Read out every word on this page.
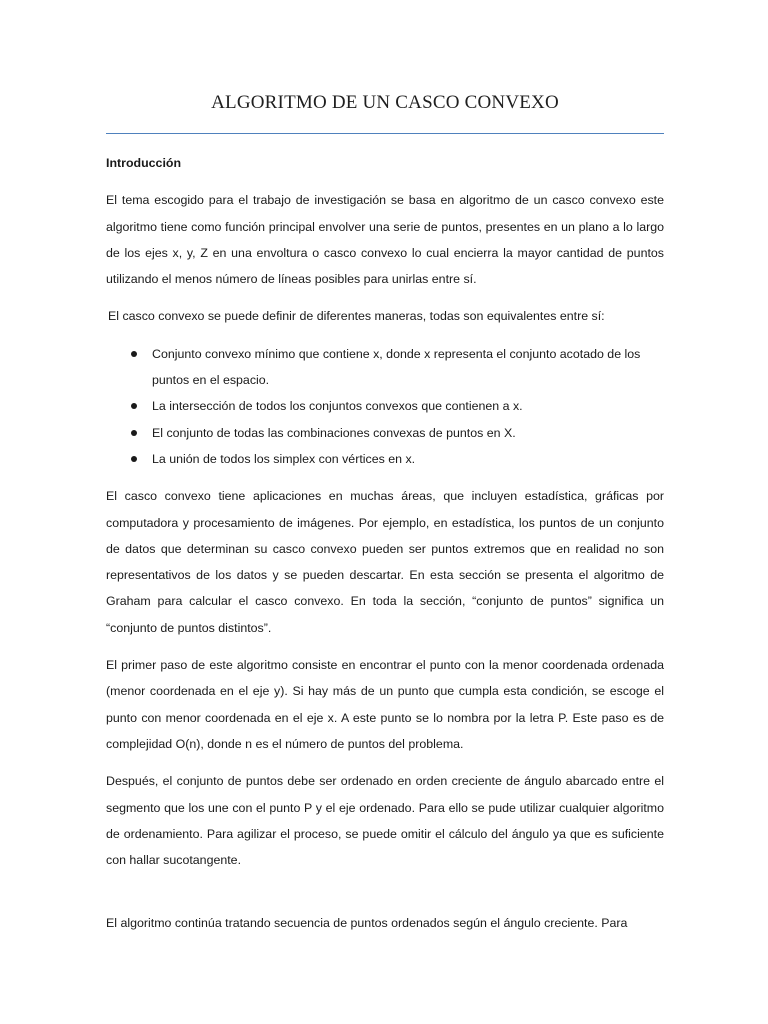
ALGORITMO DE UN CASCO CONVEXO

Introducción

El tema escogido para el trabajo de investigación se basa en algoritmo de un casco convexo este algoritmo tiene como función principal envolver una serie de puntos, presentes en un plano a lo largo de los ejes x, y, Z en una envoltura o casco convexo lo cual encierra la mayor cantidad de puntos utilizando el menos número de líneas posibles para unirlas entre sí.

El casco convexo se puede definir de diferentes maneras, todas son equivalentes entre sí:

Conjunto convexo mínimo que contiene x, donde x representa el conjunto acotado de los puntos en el espacio.
La intersección de todos los conjuntos convexos que contienen a x.
El conjunto de todas las combinaciones convexas de puntos en X.
La unión de todos los simplex con vértices en x.

El casco convexo tiene aplicaciones en muchas áreas, que incluyen estadística, gráficas por computadora y procesamiento de imágenes. Por ejemplo, en estadística, los puntos de un conjunto de datos que determinan su casco convexo pueden ser puntos extremos que en realidad no son representativos de los datos y se pueden descartar. En esta sección se presenta el algoritmo de Graham para calcular el casco convexo. En toda la sección, “conjunto de puntos” significa un “conjunto de puntos distintos”.

El primer paso de este algoritmo consiste en encontrar el punto con la menor coordenada ordenada (menor coordenada en el eje y). Si hay más de un punto que cumpla esta condición, se escoge el punto con menor coordenada en el eje x. A este punto se lo nombra por la letra P. Este paso es de complejidad O(n), donde n es el número de puntos del problema.

Después, el conjunto de puntos debe ser ordenado en orden creciente de ángulo abarcado entre el segmento que los une con el punto P y el eje ordenado. Para ello se pude utilizar cualquier algoritmo de ordenamiento. Para agilizar el proceso, se puede omitir el cálculo del ángulo ya que es suficiente con hallar sucotangente.

El algoritmo continúa tratando secuencia de puntos ordenados según el ángulo creciente. Para
